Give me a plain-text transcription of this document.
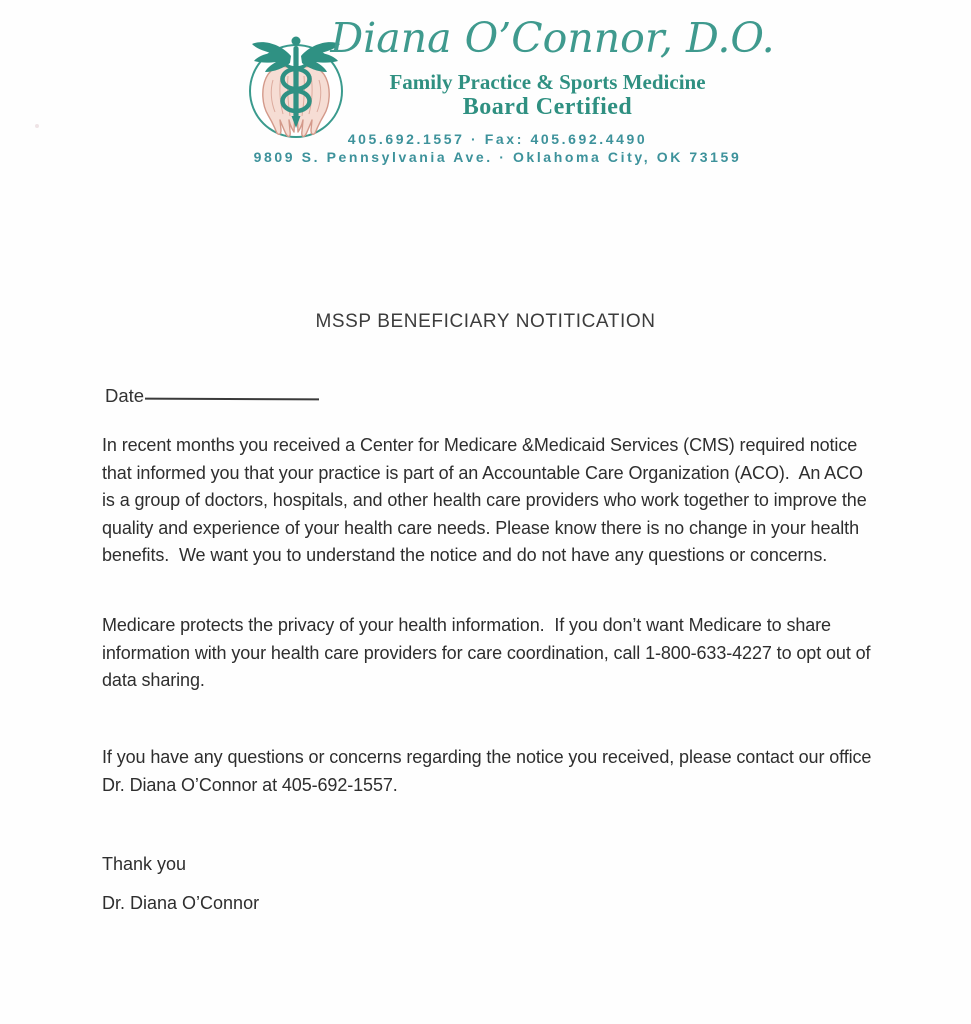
Diana O’Connor, D.O.
Family Practice & Sports Medicine
Board Certified
405.692.1557 · Fax: 405.692.4490
9809 S. Pennsylvania Ave. · Oklahoma City, OK 73159
MSSP BENEFICIARY NOTITICATION
Date
In recent months you received a Center for Medicare &Medicaid Services (CMS) required notice that informed you that your practice is part of an Accountable Care Organization (ACO).  An ACO is a group of doctors, hospitals, and other health care providers who work together to improve the quality and experience of your health care needs. Please know there is no change in your health benefits.  We want you to understand the notice and do not have any questions or concerns.
Medicare protects the privacy of your health information.  If you don’t want Medicare to share information with your health care providers for care coordination, call 1-800-633-4227 to opt out of data sharing.
If you have any questions or concerns regarding the notice you received, please contact our office Dr. Diana O’Connor at 405-692-1557.
Thank you
Dr. Diana O’Connor
